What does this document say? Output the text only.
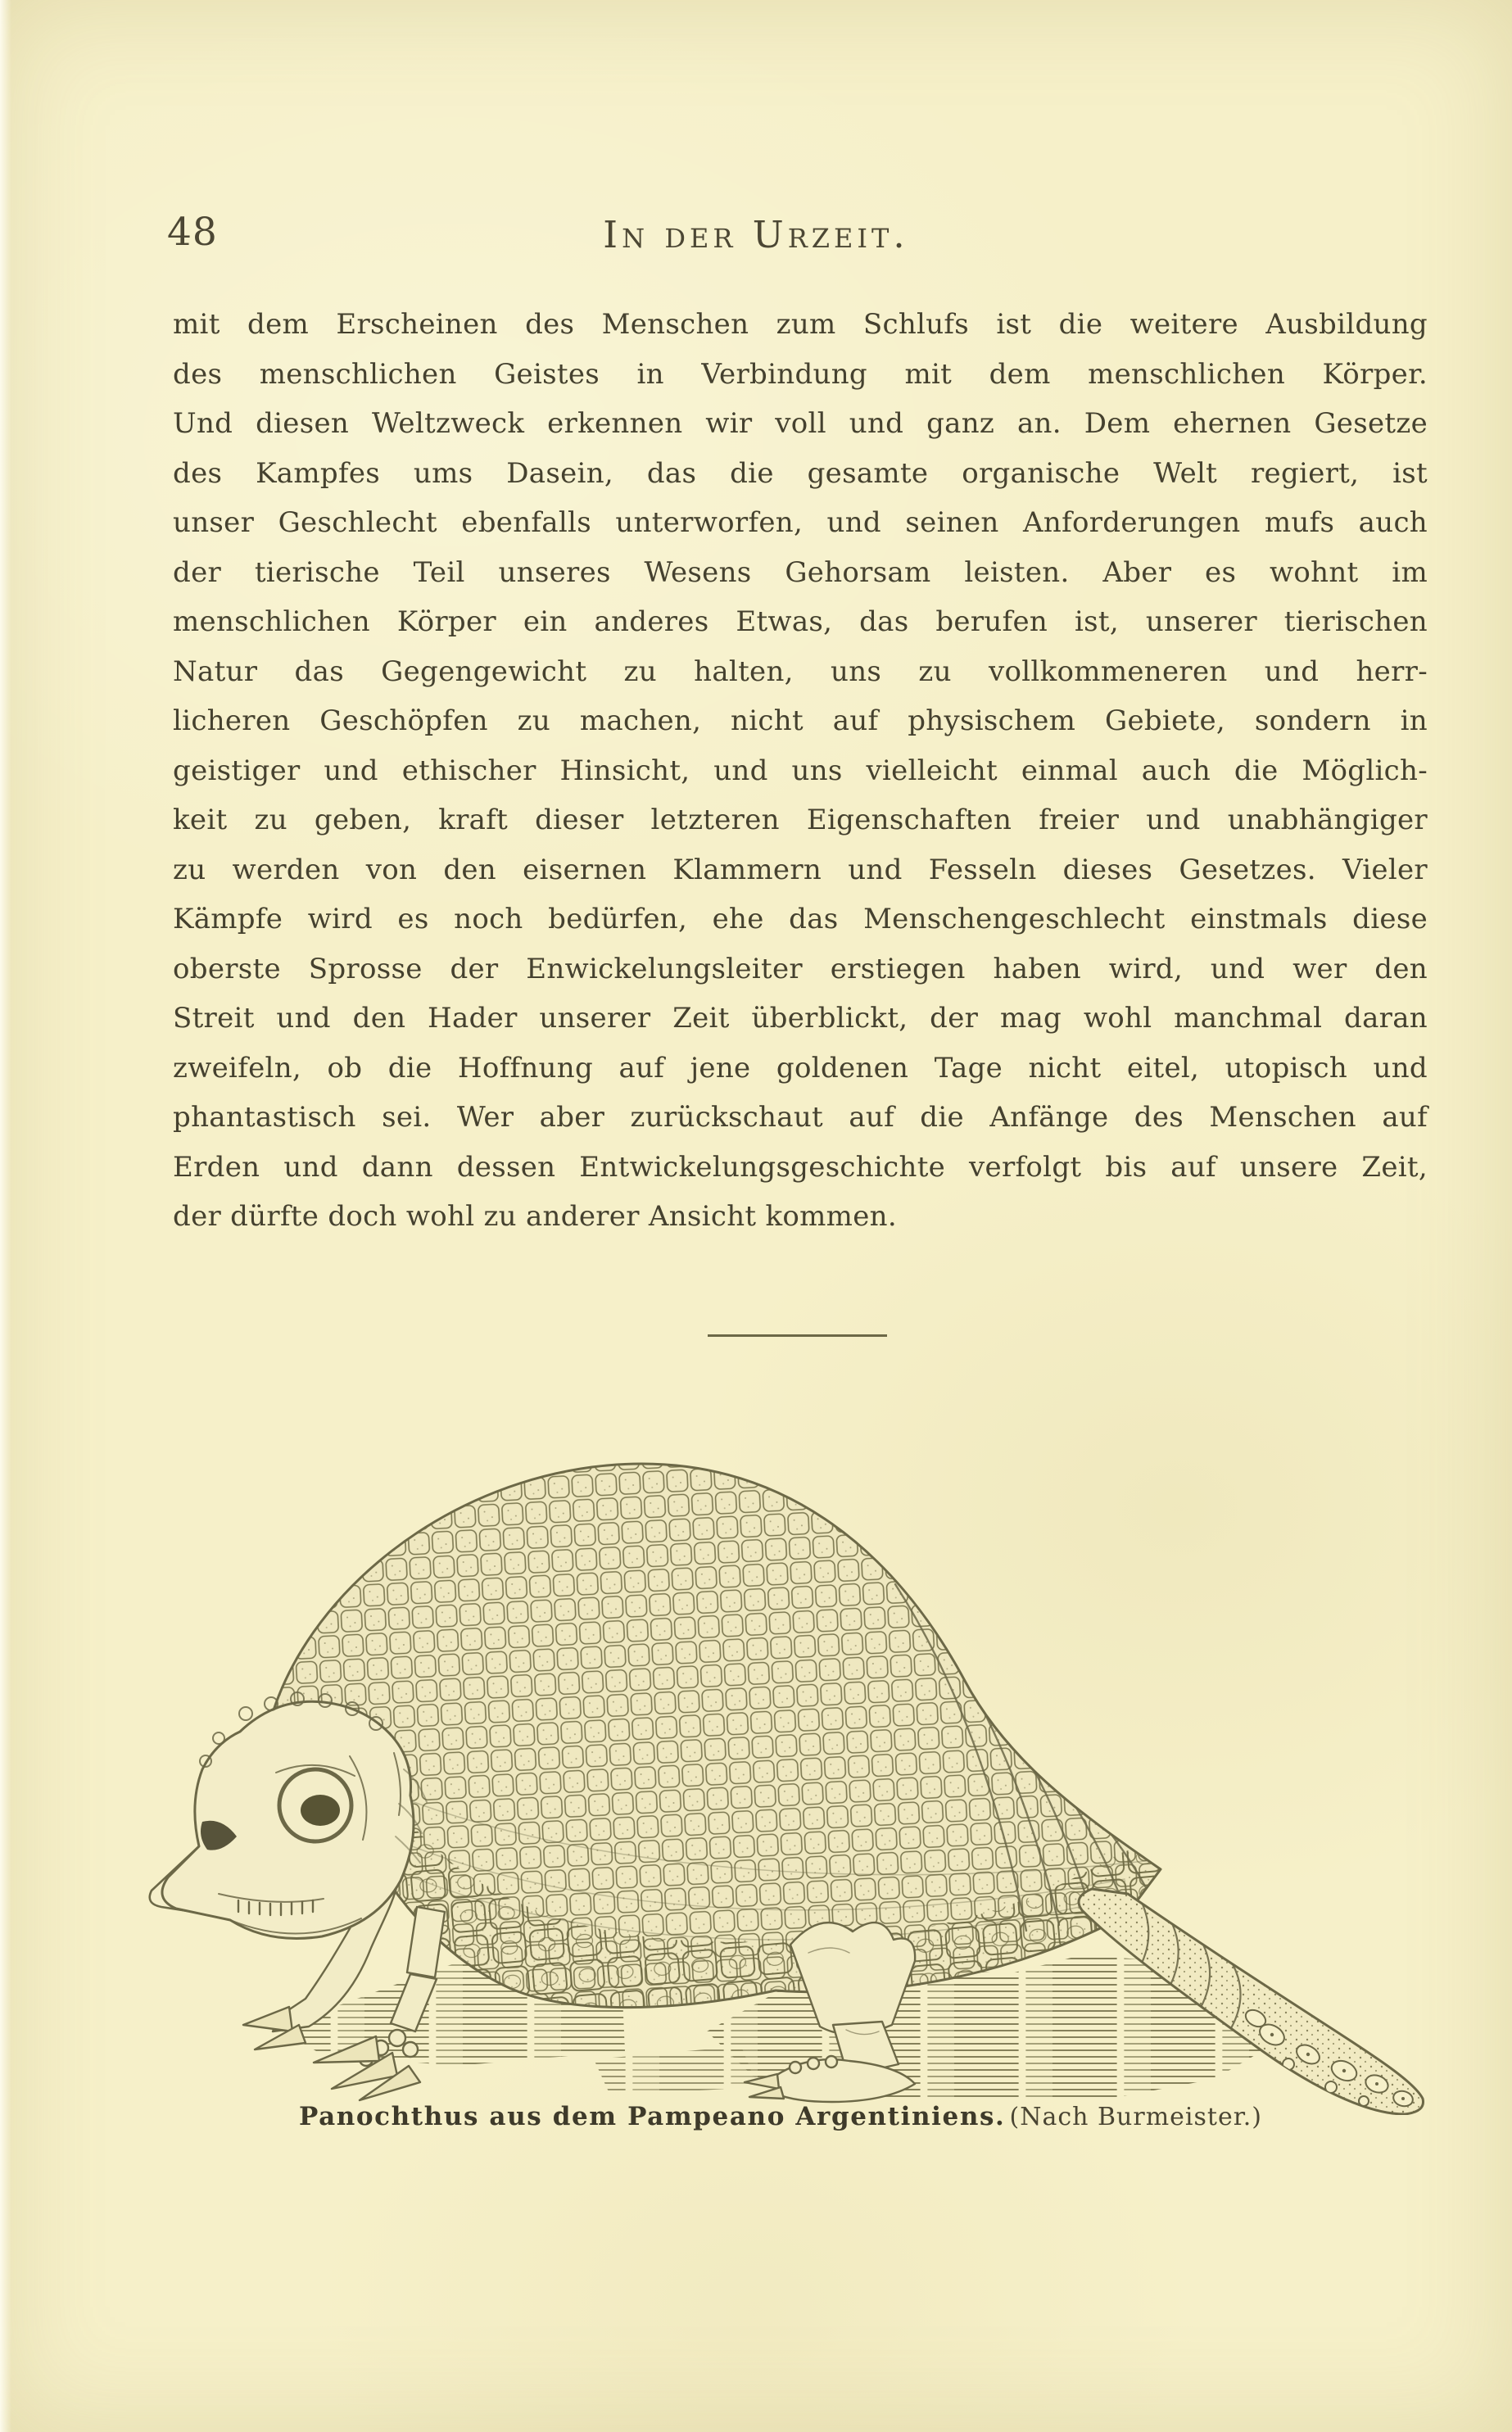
48	In der Urzeit.
mit dem Erscheinen des Menschen zum Schlufs ist die weitere Ausbildung
des menschlichen Geistes in Verbindung mit dem menschlichen Körper.
Und diesen Weltzweck erkennen wir voll und ganz an. Dem ehernen Gesetze
des Kampfes ums Dasein, das die gesamte organische Welt regiert, ist
unser Geschlecht ebenfalls unterworfen, und seinen Anforderungen mufs auch
der tierische Teil unseres Wesens Gehorsam leisten. Aber es wohnt im
menschlichen Körper ein anderes Etwas, das berufen ist, unserer tierischen
Natur das Gegengewicht zu halten, uns zu vollkommeneren und herr-
licheren Geschöpfen zu machen, nicht auf physischem Gebiete, sondern in
geistiger und ethischer Hinsicht, und uns vielleicht einmal auch die Möglich-
keit zu geben, kraft dieser letzteren Eigenschaften freier und unabhängiger
zu werden von den eisernen Klammern und Fesseln dieses Gesetzes. Vieler
Kämpfe wird es noch bedürfen, ehe das Menschengeschlecht einstmals diese
oberste Sprosse der Enwickelungsleiter erstiegen haben wird, und wer den
Streit und den Hader unserer Zeit überblickt, der mag wohl manchmal daran
zweifeln, ob die Hoffnung auf jene goldenen Tage nicht eitel, utopisch und
phantastisch sei. Wer aber zurückschaut auf die Anfänge des Menschen auf
Erden und dann dessen Entwickelungsgeschichte verfolgt bis auf unsere Zeit,
der dürfte doch wohl zu anderer Ansicht kommen.
Panochthus aus dem Pampeano Argentiniens. (Nach Burmeister.)
